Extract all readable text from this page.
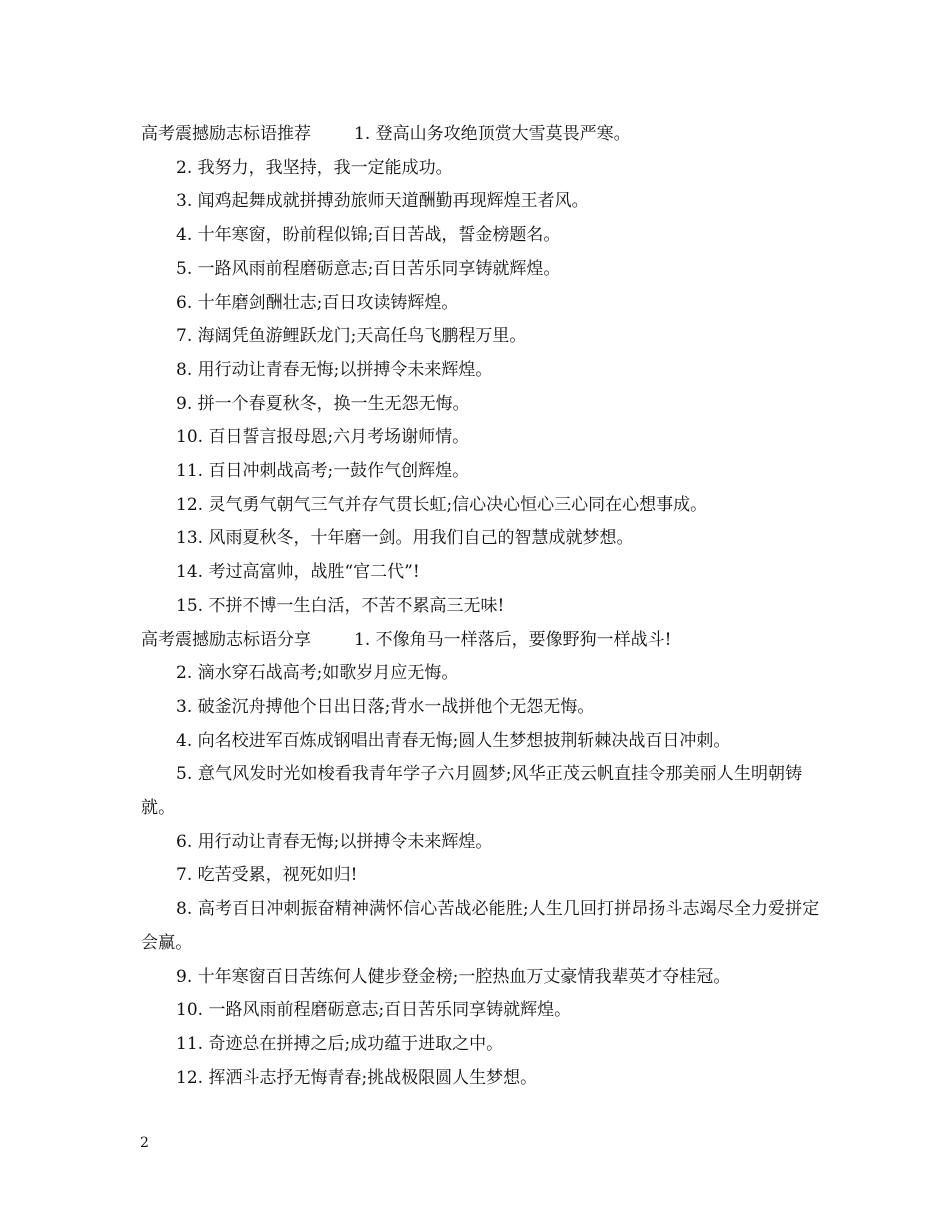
高考震撼励志标语推荐	1. 登高山务攻绝顶赏大雪莫畏严寒。
2. 我努力，我坚持，我一定能成功。
3. 闻鸡起舞成就拼搏劲旅师天道酬勤再现辉煌王者风。
4. 十年寒窗，盼前程似锦;百日苦战，誓金榜题名。
5. 一路风雨前程磨砺意志;百日苦乐同享铸就辉煌。
6. 十年磨剑酬壮志;百日攻读铸辉煌。
7. 海阔凭鱼游鲤跃龙门;天高任鸟飞鹏程万里。
8. 用行动让青春无悔;以拼搏令未来辉煌。
9. 拼一个春夏秋冬，换一生无怨无悔。
10. 百日誓言报母恩;六月考场谢师情。
11. 百日冲刺战高考;一鼓作气创辉煌。
12. 灵气勇气朝气三气并存气贯长虹;信心决心恒心三心同在心想事成。
13. 风雨夏秋冬，十年磨一剑。用我们自己的智慧成就梦想。
14. 考过高富帅，战胜“官二代”!
15. 不拼不博一生白活，不苦不累高三无味!
高考震撼励志标语分享	1. 不像角马一样落后，要像野狗一样战斗!
2. 滴水穿石战高考;如歌岁月应无悔。
3. 破釜沉舟搏他个日出日落;背水一战拼他个无怨无悔。
4. 向名校进军百炼成钢唱出青春无悔;圆人生梦想披荆斩棘决战百日冲刺。
5. 意气风发时光如梭看我青年学子六月圆梦;风华正茂云帆直挂令那美丽人生明朝铸就。
6. 用行动让青春无悔;以拼搏令未来辉煌。
7. 吃苦受累，视死如归!
8. 高考百日冲刺振奋精神满怀信心苦战必能胜;人生几回打拼昂扬斗志竭尽全力爱拼定会赢。
9. 十年寒窗百日苦练何人健步登金榜;一腔热血万丈豪情我辈英才夺桂冠。
10. 一路风雨前程磨砺意志;百日苦乐同享铸就辉煌。
11. 奇迹总在拼搏之后;成功蕴于进取之中。
12. 挥洒斗志抒无悔青春;挑战极限圆人生梦想。
2
